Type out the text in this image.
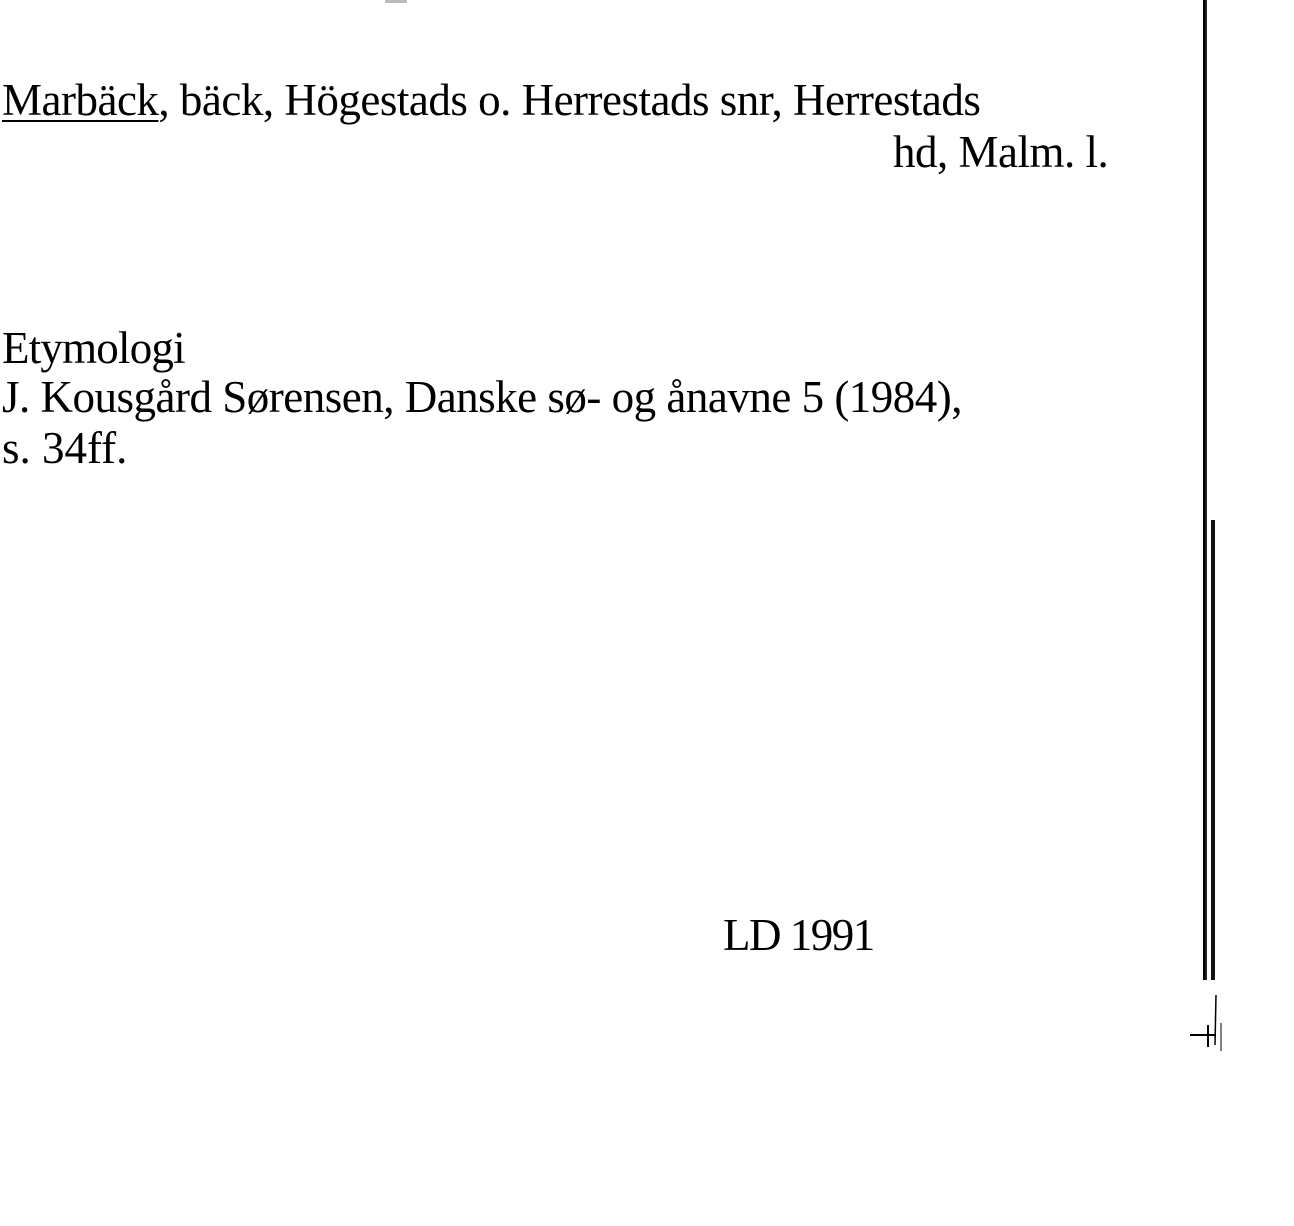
Marbäck, bäck, Högestads o. Herrestads snr, Herrestads
hd, Malm. l.
Etymologi
J. Kousgård Sørensen, Danske sø- og ånavne 5 (1984),
s. 34ff.
LD 1991
